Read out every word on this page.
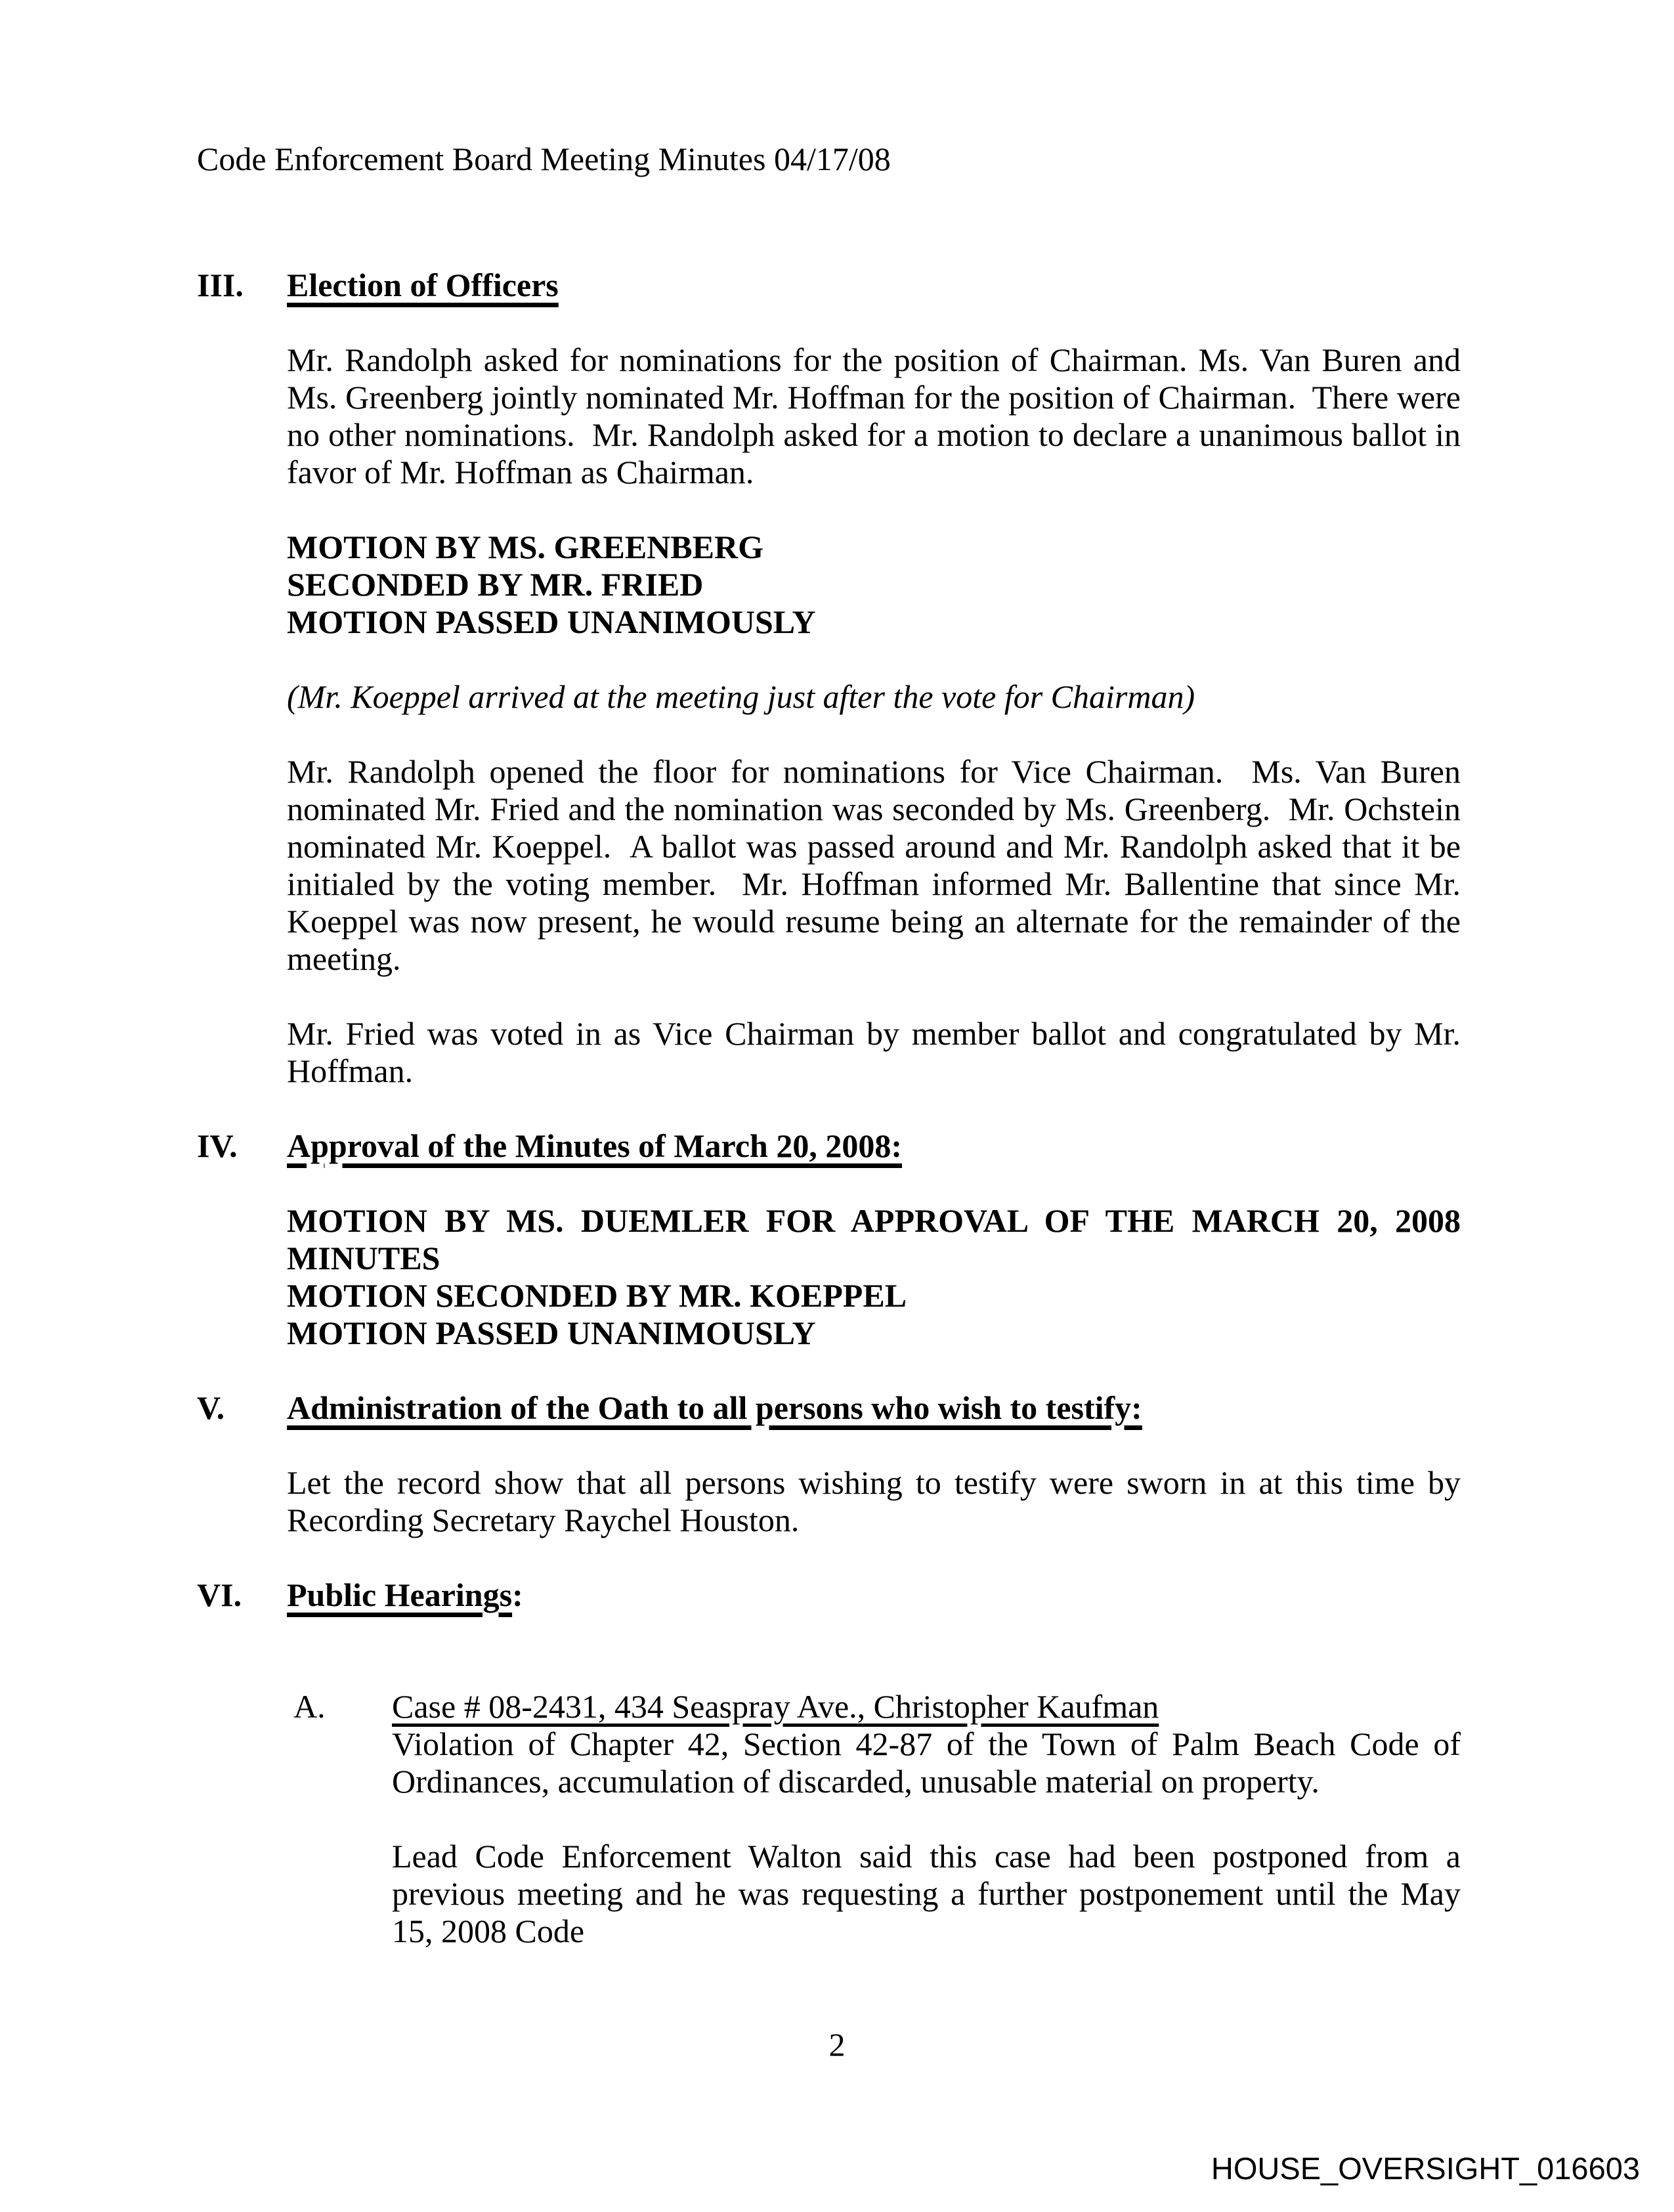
Code Enforcement Board Meeting Minutes 04/17/08

III. Election of Officers
Mr. Randolph asked for nominations for the position of Chairman. Ms. Van Buren and Ms. Greenberg jointly nominated Mr. Hoffman for the position of Chairman.  There were no other nominations.  Mr. Randolph asked for a motion to declare a unanimous ballot in favor of Mr. Hoffman as Chairman.
MOTION BY MS. GREENBERG
SECONDED BY MR. FRIED
MOTION PASSED UNANIMOUSLY
(Mr. Koeppel arrived at the meeting just after the vote for Chairman)
Mr. Randolph opened the floor for nominations for Vice Chairman.  Ms. Van Buren nominated Mr. Fried and the nomination was seconded by Ms. Greenberg.  Mr. Ochstein nominated Mr. Koeppel.  A ballot was passed around and Mr. Randolph asked that it be initialed by the voting member.  Mr. Hoffman informed Mr. Ballentine that since Mr. Koeppel was now present, he would resume being an alternate for the remainder of the meeting.
Mr. Fried was voted in as Vice Chairman by member ballot and congratulated by Mr. Hoffman.
IV. Approval of the Minutes of March 20, 2008:
MOTION BY MS. DUEMLER FOR APPROVAL OF THE MARCH 20, 2008
MINUTES
MOTION SECONDED BY MR. KOEPPEL
MOTION PASSED UNANIMOUSLY
V. Administration of the Oath to all persons who wish to testify:
Let the record show that all persons wishing to testify were sworn in at this time by Recording Secretary Raychel Houston.
VI. Public Hearings:
A. Case # 08-2431, 434 Seaspray Ave., Christopher Kaufman
Violation of Chapter 42, Section 42-87 of the Town of Palm Beach Code of Ordinances, accumulation of discarded, unusable material on property.
Lead Code Enforcement Walton said this case had been postponed from a previous meeting and he was requesting a further postponement until the May 15, 2008 Code
2
HOUSE_OVERSIGHT_016603
